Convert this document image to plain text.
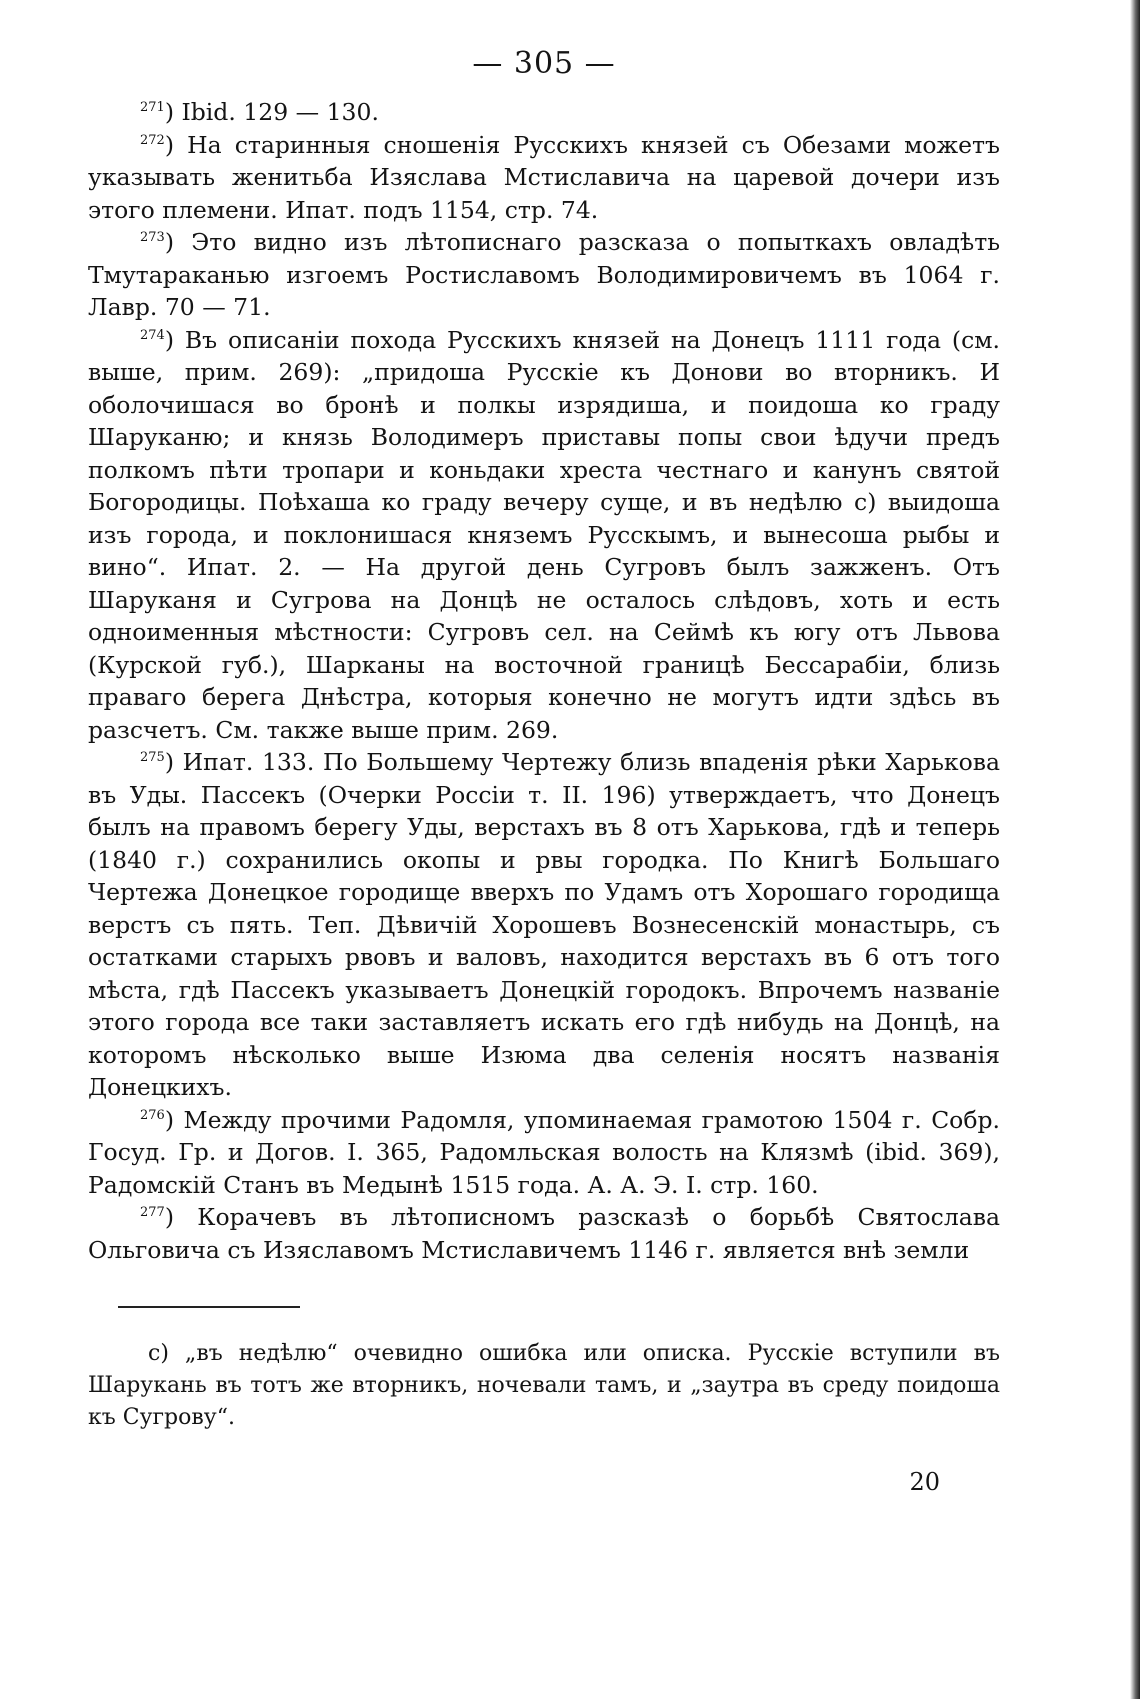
— 305 —

$^{271}$) Ibid. 129 — 130.

$^{272}$) На старинныя сношенія Русскихъ князей съ Обезами можетъ указывать женитьба Изяслава Мстиславича на царевой дочери изъ этого племени. Ипат. подъ 1154, стр. 74.

$^{273}$) Это видно изъ лѣтописнаго разсказа о попыткахъ овладѣть Тмутараканью изгоемъ Ростиславомъ Володимировичемъ въ 1064 г. Лавр. 70 — 71.

$^{274}$) Въ описаніи похода Русскихъ князей на Донецъ 1111 года (см. выше, прим. 269): „придоша Русскіе къ Донови во вторникъ. И оболочишася во бронѣ и полкы изрядиша, и поидоша ко граду Шаруканю; и князь Володимеръ приставы попы свои ѣдучи предъ полкомъ пѣти тропари и коньдаки хреста честнаго и канунъ святой Богородицы. Поѣхаша ко граду вечеру суще, и въ недѣлю c) выидоша изъ города, и поклонишася княземъ Русскымъ, и вынесоша рыбы и вино“. Ипат. 2. — На другой день Сугровъ былъ зажженъ. Отъ Шаруканя и Сугрова на Донцѣ не осталось слѣдовъ, хоть и есть одноименныя мѣстности: Сугровъ сел. на Сеймѣ къ югу отъ Львова (Курской губ.), Шарканы на восточной границѣ Бессарабіи, близь праваго берега Днѣстра, которыя конечно не могутъ идти здѣсь въ разсчетъ. См. также выше прим. 269.

$^{275}$) Ипат. 133. По Большему Чертежу близь впаденія рѣки Харькова въ Уды. Пассекъ (Очерки Россіи т. II. 196) утверждаетъ, что Донецъ былъ на правомъ берегу Уды, верстахъ въ 8 отъ Харькова, гдѣ и теперь (1840 г.) сохранились окопы и рвы городка. По Книгѣ Большаго Чертежа Донецкое городище вверхъ по Удамъ отъ Хорошаго городища верстъ съ пять. Теп. Дѣвичій Хорошевъ Вознесенскій монастырь, съ остатками старыхъ рвовъ и валовъ, находится верстахъ въ 6 отъ того мѣста, гдѣ Пассекъ указываетъ Донецкій городокъ. Впрочемъ названіе этого города все таки заставляетъ искать его гдѣ нибудь на Донцѣ, на которомъ нѣсколько выше Изюма два селенія носятъ названія Донецкихъ.

$^{276}$) Между прочими Радомля, упоминаемая грамотою 1504 г. Собр. Госуд. Гр. и Догов. I. 365, Радомльская волость на Клязмѣ (ibid. 369), Радомскій Станъ въ Медынѣ 1515 года. А. А. Э. I. стр. 160.

$^{277}$) Корачевъ въ лѣтописномъ разсказѣ о борьбѣ Святослава Ольговича съ Изяславомъ Мстиславичемъ 1146 г. является внѣ земли

с) „въ недѣлю“ очевидно ошибка или описка. Русскіе вступили въ Шарукань въ тотъ же вторникъ, ночевали тамъ, и „заутра въ среду поидоша къ Сугрову“.

20
